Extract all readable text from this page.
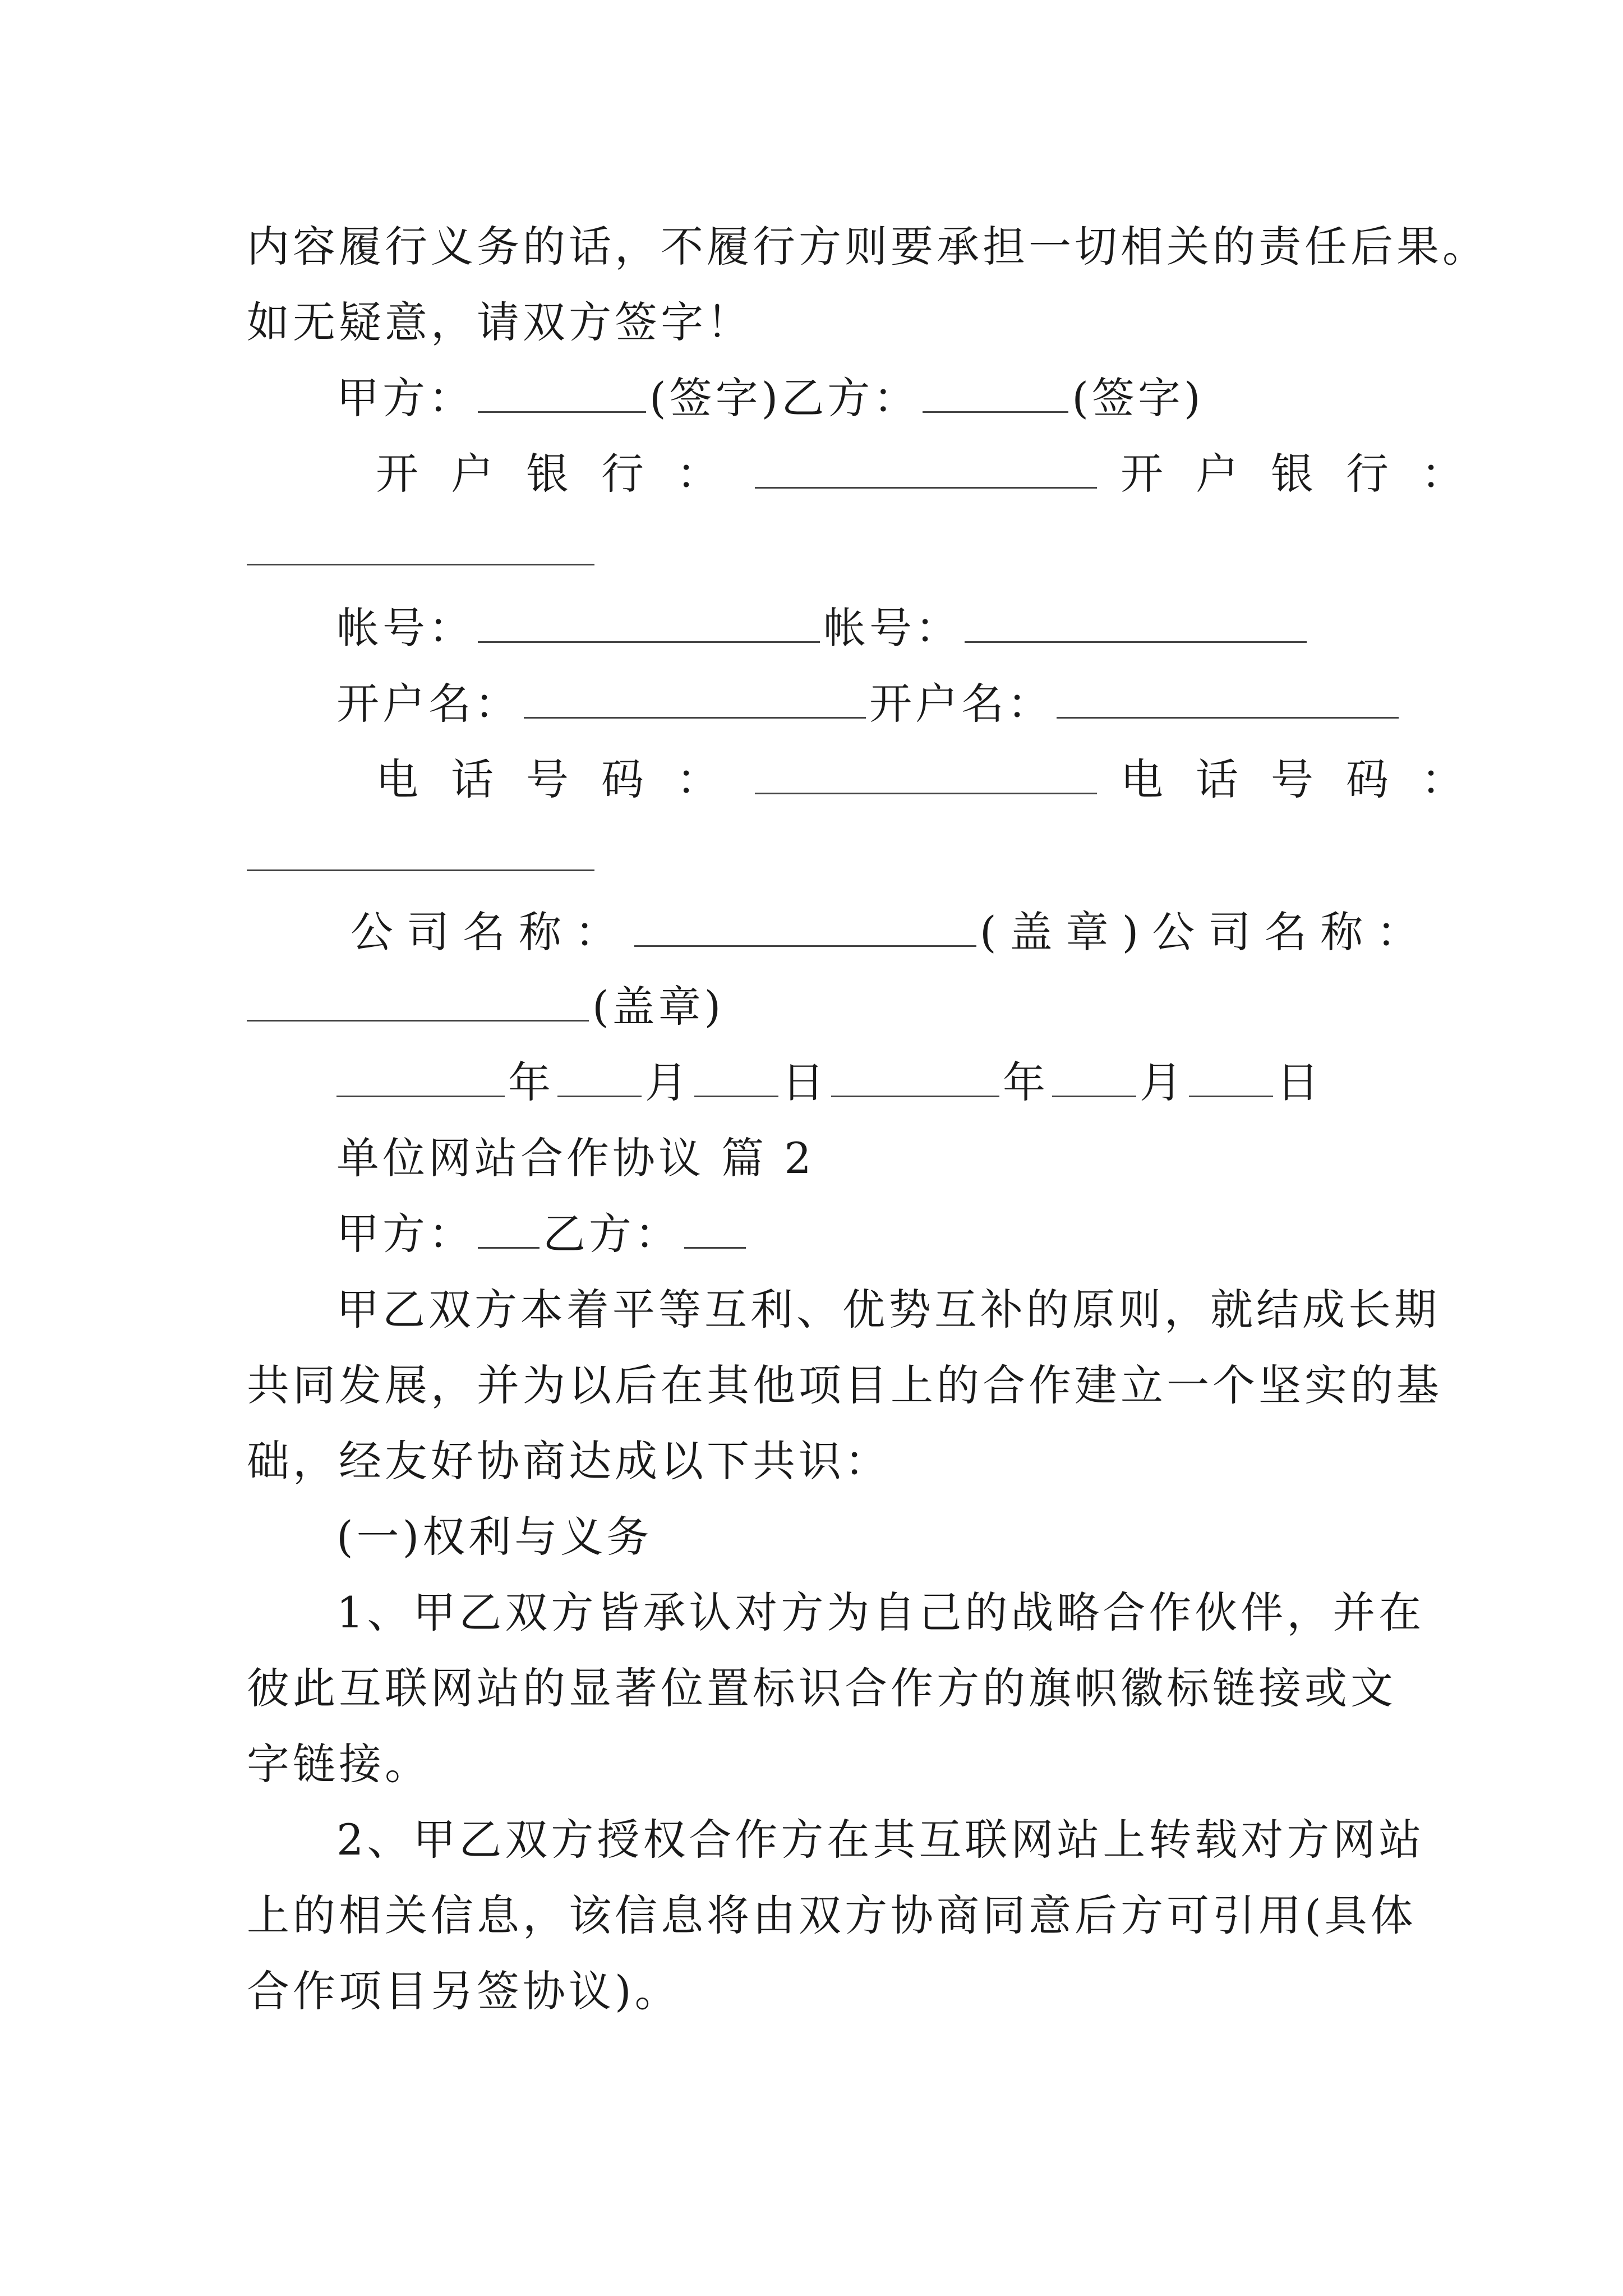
内容履行义务的话，不履行方则要承担一切相关的责任后果。
如无疑意，请双方签字！
甲方：	(签字)乙方：	(签字)
开户银行：	开户银行：
帐号：	帐号：
开户名：	开户名：
电话号码：	电话号码：
公司名称：	(盖章)公司名称：
(盖章)
年 月 日	年 月 日
单位网站合作协议 篇 2
甲方： 乙方：
甲乙双方本着平等互利、优势互补的原则，就结成长期
共同发展，并为以后在其他项目上的合作建立一个坚实的基
础，经友好协商达成以下共识：
(一)权利与义务
1、甲乙双方皆承认对方为自己的战略合作伙伴，并在
彼此互联网站的显著位置标识合作方的旗帜徽标链接或文
字链接。
2、甲乙双方授权合作方在其互联网站上转载对方网站
上的相关信息，该信息将由双方协商同意后方可引用(具体
合作项目另签协议)。
